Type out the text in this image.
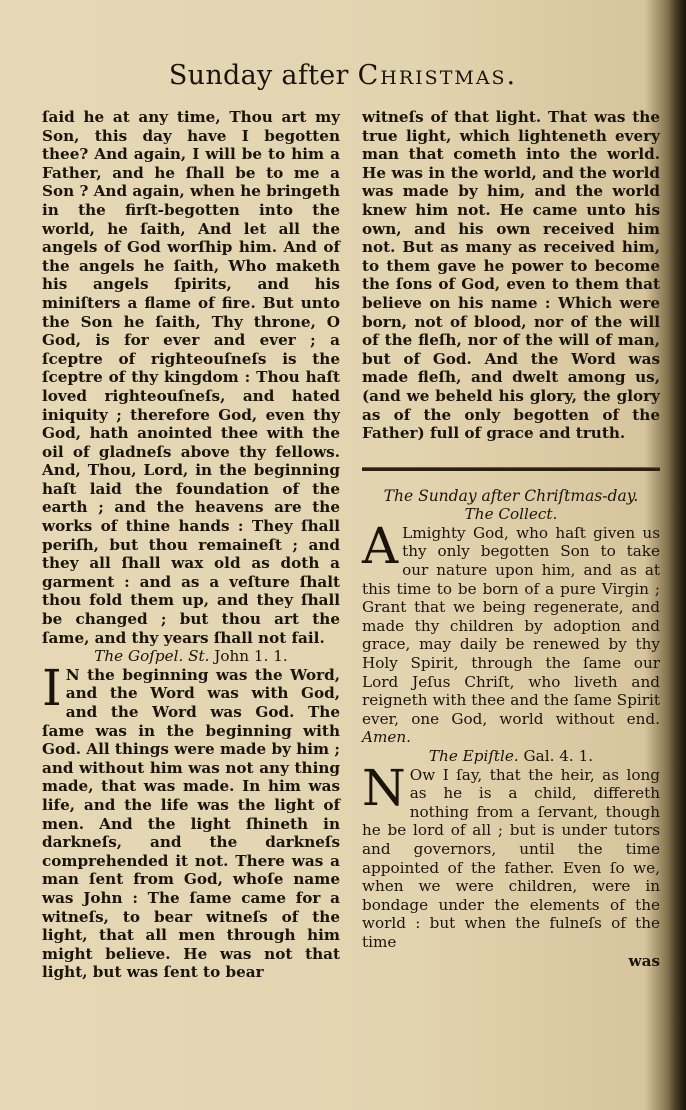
Sunday after Christmas.

ſaid he at any time, Thou art my Son, this day have I begotten thee? And again, I will be to him a Father, and he ſhall be to me a Son ? And again, when he bringeth in the firſt-begotten into the world, he ſaith, And let all the angels of God worſhip him. And of the angels he ſaith, Who maketh his angels ſpirits, and his miniſters a flame of fire. But unto the Son he ſaith, Thy throne, O God, is for ever and ever ; a ſceptre of righteouſneſs is the ſceptre of thy kingdom : Thou haſt loved righteouſneſs, and hated iniquity ; therefore God, even thy God, hath anointed thee with the oil of gladneſs above thy fellows. And, Thou, Lord, in the beginning haſt laid the foundation of the earth ; and the heavens are the works of thine hands : They ſhall periſh, but thou remaineſt ; and they all ſhall wax old as doth a garment : and as a veſture ſhalt thou fold them up, and they ſhall be changed ; but thou art the ſame, and thy years ſhall not fail.

The Goſpel. St. John 1. 1.

I N the beginning was the Word, and the Word was with God, and the Word was God. The ſame was in the beginning with God. All things were made by him ; and without him was not any thing made, that was made. In him was life, and the life was the light of men. And the light ſhineth in darkneſs, and the darkneſs comprehended it not. There was a man ſent from God, whoſe name was John : The ſame came for a witneſs, to bear witneſs of the light, that all men through him might believe. He was not that light, but was ſent to bear

witneſs of that light. That was the true light, which lighteneth every man that cometh into the world. He was in the world, and the world was made by him, and the world knew him not. He came unto his own, and his own received him not. But as many as received him, to them gave he power to become the ſons of God, even to them that believe on his name : Which were born, not of blood, nor of the will of the fleſh, nor of the will of man, but of God. And the Word was made fleſh, and dwelt among us, (and we beheld his glory, the glory as of the only begotten of the Father) full of grace and truth.

The Sunday after Chriſtmas-day.

The Collect.

A Lmighty God, who haſt given us thy only begotten Son to take our nature upon him, and as at this time to be born of a pure Virgin ; Grant that we being regenerate, and made thy children by adoption and grace, may daily be renewed by thy Holy Spirit, through the ſame our Lord Jeſus Chriſt, who liveth and reigneth with thee and the ſame Spirit ever, one God, world without end. Amen.

The Epiſtle. Gal. 4. 1.

N Ow I ſay, that the heir, as long as he is a child, differeth nothing from a ſervant, though he be lord of all ; but is under tutors and governors, until the time appointed of the father. Even ſo we, when we were children, were in bondage under the elements of the world : but when the fulneſs of the time

was
